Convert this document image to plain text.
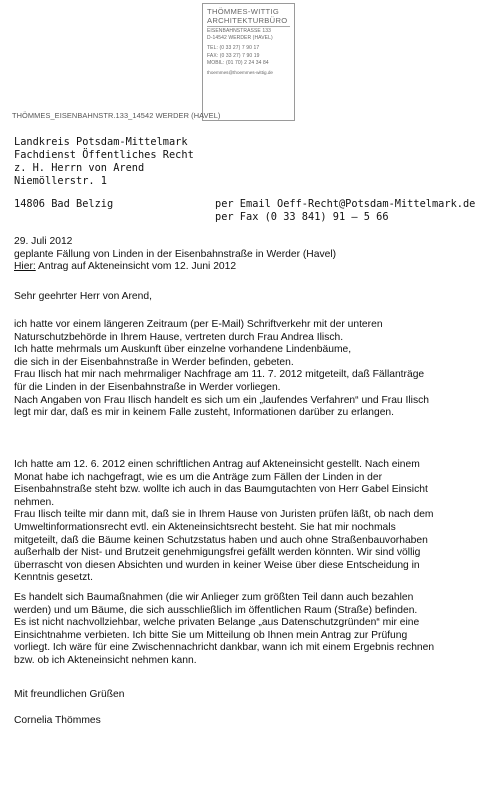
THÖMMES-WITTIG
ARCHITEKTURBÜRO
EISENBAHNSTRASSE 133
D-14542 WERDER (HAVEL)
TEL: (0 33 27) 7 90 17
FAX: (0 33 27) 7 90 19
MOBIL: (01 70) 2 24 34 84
thoemmes@thoemmes-wittig.de
THÖMMES_EISENBAHNSTR.133_14542 WERDER (HAVEL)
Landkreis Potsdam-Mittelmark
Fachdienst Öffentliches Recht
z. H. Herrn von Arend
Niemöllerstr. 1
14806 Bad Belzig	per Email Oeff-Recht@Potsdam-Mittelmark.de
per Fax (0 33 841) 91 – 5 66
29. Juli 2012
geplante Fällung von Linden in der Eisenbahnstraße in Werder (Havel)
Hier: Antrag auf Akteneinsicht vom 12. Juni 2012
Sehr geehrter Herr von Arend,
ich hatte vor einem längeren Zeitraum (per E-Mail) Schriftverkehr mit der unteren
Naturschutzbehörde in Ihrem Hause, vertreten durch Frau Andrea Ilisch.
Ich hatte mehrmals um Auskunft über einzelne vorhandene Lindenbäume,
die sich in der Eisenbahnstraße in Werder befinden, gebeten.
Frau Ilisch hat mir nach mehrmaliger Nachfrage am 11. 7. 2012 mitgeteilt, daß Fällanträge
für die Linden in der Eisenbahnstraße in Werder vorliegen.
Nach Angaben von Frau Ilisch handelt es sich um ein „laufendes Verfahren“ und Frau Ilisch
legt mir dar, daß es mir in keinem Falle zusteht, Informationen darüber zu erlangen.
Ich hatte am 12. 6. 2012 einen schriftlichen Antrag auf Akteneinsicht gestellt. Nach einem
Monat habe ich nachgefragt, wie es um die Anträge zum Fällen der Linden in der
Eisenbahnstraße steht bzw. wollte ich auch in das Baumgutachten von Herr Gabel Einsicht
nehmen.
Frau Ilisch teilte mir dann mit, daß sie in Ihrem Hause von Juristen prüfen läßt, ob nach dem
Umweltinformationsrecht evtl. ein Akteneinsichtsrecht besteht. Sie hat mir nochmals
mitgeteilt, daß die Bäume keinen Schutzstatus haben und auch ohne Straßenbauvorhaben
außerhalb der Nist- und Brutzeit genehmigungsfrei gefällt werden könnten. Wir sind völlig
überrascht von diesen Absichten und wurden in keiner Weise über diese Entscheidung in
Kenntnis gesetzt.
Es handelt sich Baumaßnahmen (die wir Anlieger zum größten Teil dann auch bezahlen
werden) und um Bäume, die sich ausschließlich im öffentlichen Raum (Straße) befinden.
Es ist nicht nachvollziehbar, welche privaten Belange „aus Datenschutzgründen“ mir eine
Einsichtnahme verbieten. Ich bitte Sie um Mitteilung ob Ihnen mein Antrag zur Prüfung
vorliegt. Ich wäre für eine Zwischennachricht dankbar, wann ich mit einem Ergebnis rechnen
bzw. ob ich Akteneinsicht nehmen kann.
Mit freundlichen Grüßen
Cornelia Thömmes
